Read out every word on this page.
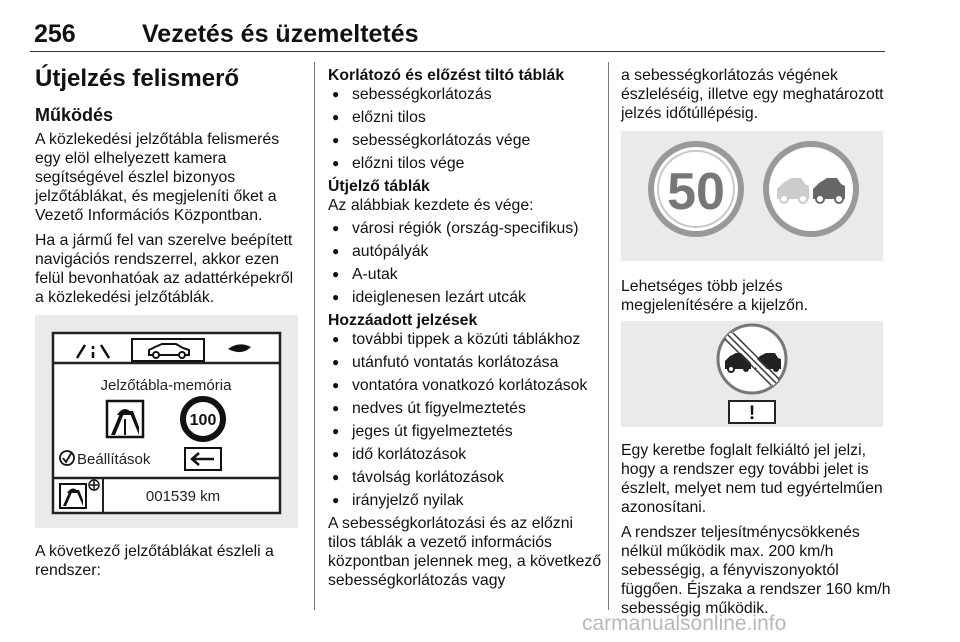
256	Vezetés és üzemeltetés
Útjelzés felismerő
Működés

A közlekedési jelzőtábla felismerés egy elöl elhelyezett kamera segítségével észlel bizonyos jelzőtáblákat, és megjeleníti őket a Vezető Információs Központban.

Ha a jármű fel van szerelve beépített navigációs rendszerrel, akkor ezen felül bevonhatóak az adattérképekről a közlekedési jelzőtáblák.

Jelzőtábla-memória
100
Beállítások
001539 km

A következő jelzőtáblákat észleli a rendszer:

Korlátozó és előzést tiltó táblák
● sebességkorlátozás
● előzni tilos
● sebességkorlátozás vége
● előzni tilos vége
Útjelző táblák

Az alábbiak kezdete és vége:

● városi régiók (ország-specifikus)
● autópályák
● A-utak
● ideiglenesen lezárt utcák
Hozzáadott jelzések
● további tippek a közúti táblákhoz
● utánfutó vontatás korlátozása
● vontatóra vonatkozó korlátozások
● nedves út figyelmeztetés
● jeges út figyelmeztetés
● idő korlátozások
● távolság korlátozások
● irányjelző nyilak

A sebességkorlátozási és az előzni tilos táblák a vezető információs központban jelennek meg, a következő sebességkorlátozás vagy

a sebességkorlátozás végének észleléséig, illetve egy meghatározott jelzés időtúllépésig.

50

Lehetséges több jelzés megjelenítésére a kijelzőn.

!

Egy keretbe foglalt felkiáltó jel jelzi, hogy a rendszer egy további jelet is észlelt, melyet nem tud egyértelműen azonosítani.

A rendszer teljesítménycsökkenés nélkül működik max. 200 km/h sebességig, a fényviszonyoktól függően. Éjszaka a rendszer 160 km/h sebességig működik.

carmanualsonline.info
